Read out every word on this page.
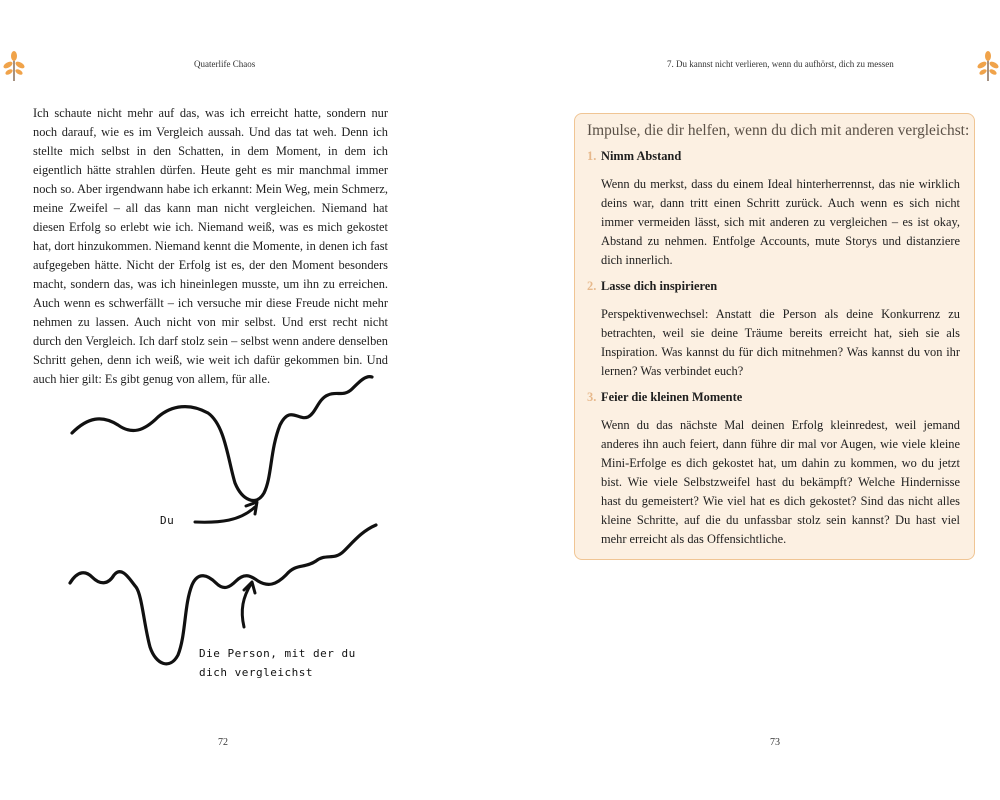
Quaterlife Chaos

Ich schaute nicht mehr auf das, was ich erreicht hatte, sondern nur noch darauf, wie es im Vergleich aussah. Und das tat weh. Denn ich stellte mich selbst in den Schatten, in dem Moment, in dem ich eigentlich hätte strahlen dürfen. Heute geht es mir manchmal immer noch so. Aber irgendwann habe ich erkannt: Mein Weg, mein Schmerz, meine Zweifel – all das kann man nicht vergleichen. Niemand hat diesen Erfolg so erlebt wie ich. Niemand weiß, was es mich gekostet hat, dort hinzukommen. Niemand kennt die Momente, in denen ich fast aufgegeben hätte. Nicht der Erfolg ist es, der den Moment besonders macht, sondern das, was ich hineinlegen musste, um ihn zu erreichen. Auch wenn es schwerfällt – ich versuche mir diese Freude nicht mehr nehmen zu lassen. Auch nicht von mir selbst. Und erst recht nicht durch den Vergleich. Ich darf stolz sein – selbst wenn andere denselben Schritt gehen, denn ich weiß, wie weit ich dafür gekommen bin. Und auch hier gilt: Es gibt genug von allem, für alle.

Du
Die Person, mit der du dich vergleichst
72
7. Du kannst nicht verlieren, wenn du aufhörst, dich zu messen
Impulse, die dir helfen, wenn du dich mit anderen vergleichst:
1. Nimm Abstand

Wenn du merkst, dass du einem Ideal hinterherrennst, das nie wirklich deins war, dann tritt einen Schritt zurück. Auch wenn es sich nicht immer vermeiden lässt, sich mit anderen zu vergleichen – es ist okay, Abstand zu nehmen. Entfolge Accounts, mute Storys und distanziere dich innerlich.

2. Lasse dich inspirieren

Perspektivenwechsel: Anstatt die Person als deine Konkurrenz zu betrachten, weil sie deine Träume bereits erreicht hat, sieh sie als Inspiration. Was kannst du für dich mitnehmen? Was kannst du von ihr lernen? Was verbindet euch?

3. Feier die kleinen Momente

Wenn du das nächste Mal deinen Erfolg kleinredest, weil jemand anderes ihn auch feiert, dann führe dir mal vor Augen, wie viele kleine Mini-Erfolge es dich gekostet hat, um dahin zu kommen, wo du jetzt bist. Wie viele Selbstzweifel hast du bekämpft? Welche Hindernisse hast du gemeistert? Wie viel hat es dich gekostet? Sind das nicht alles kleine Schritte, auf die du unfassbar stolz sein kannst? Du hast viel mehr erreicht als das Offensichtliche.

73
